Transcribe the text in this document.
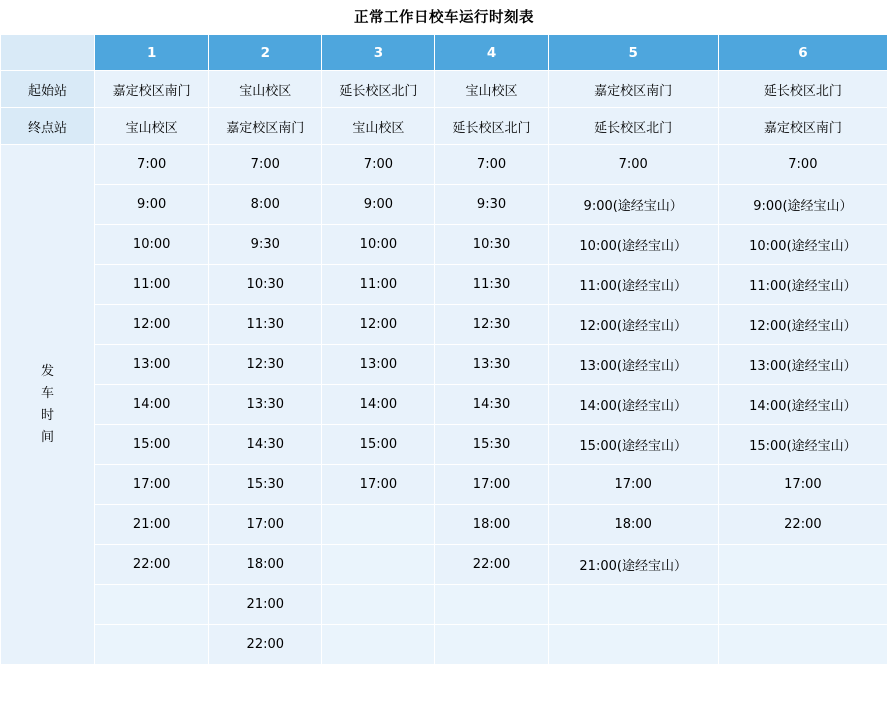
正常工作日校车运行时刻表
	1	2	3	4	5	6
起始站	嘉定校区南门	宝山校区	延长校区北门	宝山校区	嘉定校区南门	延长校区北门
终点站	宝山校区	嘉定校区南门	宝山校区	延长校区北门	延长校区北门	嘉定校区南门

发车时间	7:00	7:00	7:00	7:00	7:00	7:00
	9:00	8:00	9:00	9:30	9:00(途经宝山）	9:00(途经宝山）
	10:00	9:30	10:00	10:30	10:00(途经宝山）	10:00(途经宝山）
	11:00	10:30	11:00	11:30	11:00(途经宝山）	11:00(途经宝山）
	12:00	11:30	12:00	12:30	12:00(途经宝山）	12:00(途经宝山）
	13:00	12:30	13:00	13:30	13:00(途经宝山）	13:00(途经宝山）
	14:00	13:30	14:00	14:30	14:00(途经宝山）	14:00(途经宝山）
	15:00	14:30	15:00	15:30	15:00(途经宝山）	15:00(途经宝山）
	17:00	15:30	17:00	17:00	17:00	17:00
	21:00	17:00		18:00	18:00	22:00
	22:00	18:00		22:00	21:00(途经宝山）	
		21:00				
		22:00				
